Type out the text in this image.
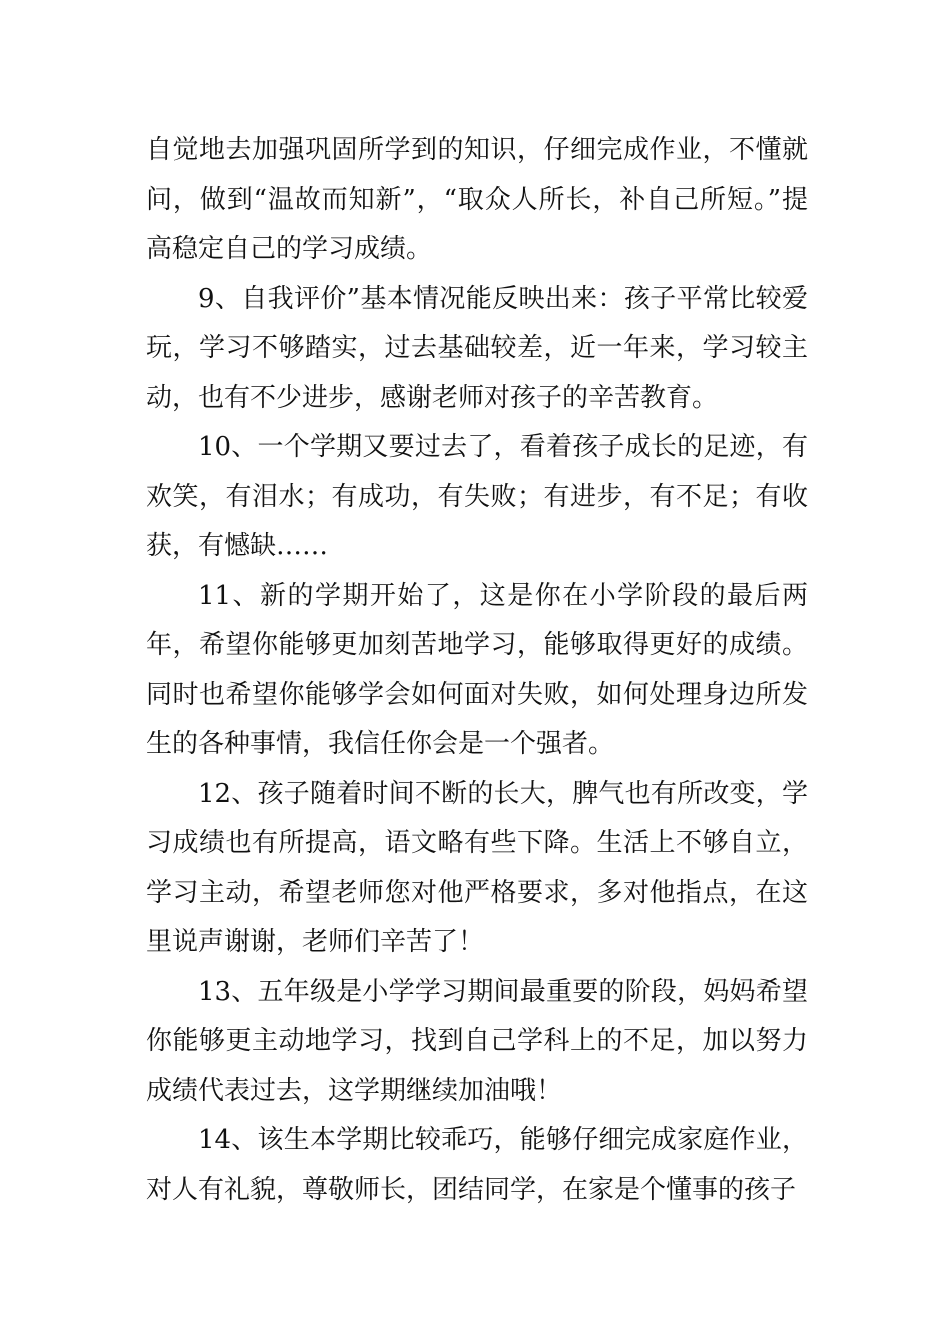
自觉地去加强巩固所学到的知识，仔细完成作业，不懂就问，做到“温故而知新”，“取众人所长，补自己所短。”提高稳定自己的学习成绩。

9、自我评价”基本情况能反映出来：孩子平常比较爱玩，学习不够踏实，过去基础较差，近一年来，学习较主动，也有不少进步，感谢老师对孩子的辛苦教育。

10、一个学期又要过去了，看着孩子成长的足迹，有欢笑，有泪水；有成功，有失败；有进步，有不足；有收获，有憾缺……

11、新的学期开始了，这是你在小学阶段的最后两年，希望你能够更加刻苦地学习，能够取得更好的成绩。同时也希望你能够学会如何面对失败，如何处理身边所发生的各种事情，我信任你会是一个强者。

12、孩子随着时间不断的长大，脾气也有所改变，学习成绩也有所提高，语文略有些下降。生活上不够自立，学习主动，希望老师您对他严格要求，多对他指点，在这里说声谢谢，老师们辛苦了！

13、五年级是小学学习期间最重要的阶段，妈妈希望你能够更主动地学习，找到自己学科上的不足，加以努力成绩代表过去，这学期继续加油哦！

14、该生本学期比较乖巧，能够仔细完成家庭作业，对人有礼貌，尊敬师长，团结同学，在家是个懂事的孩子
